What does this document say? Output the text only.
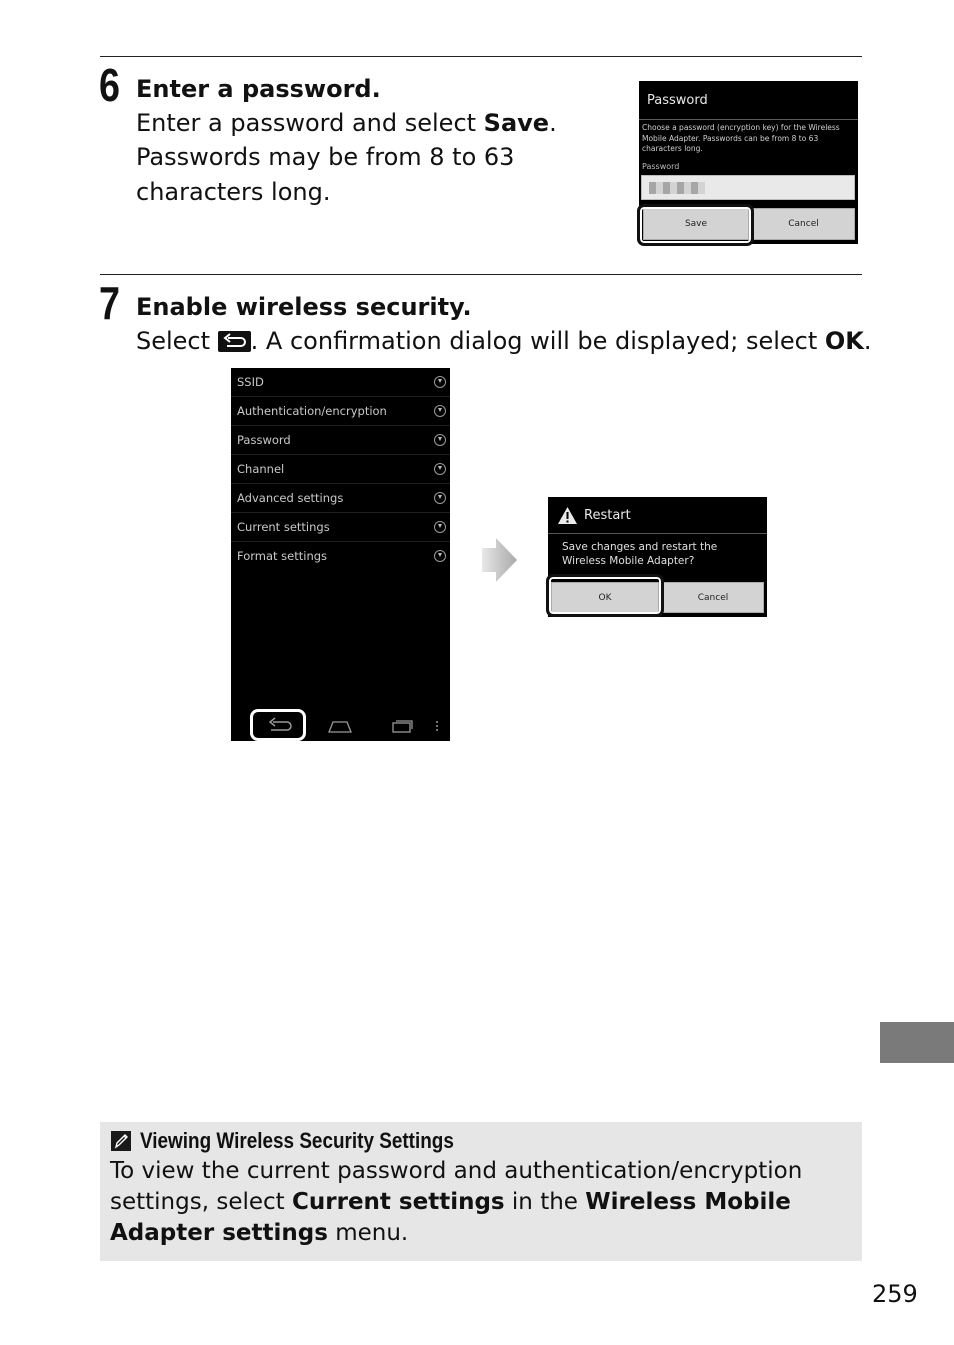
6 Enter a password.
Enter a password and select Save.
Passwords may be from 8 to 63
characters long.
Password
Choose a password (encryption key) for the Wireless Mobile Adapter. Passwords can be from 8 to 63 characters long.
Password
Save	Cancel
7 Enable wireless security.
Select
. A confirmation dialog will be displayed; select OK.
SSID
Authentication/encryption
Password
Channel
Advanced settings
Current settings
Format settings
Restart
Save changes and restart the Wireless Mobile Adapter?
OK	Cancel
Viewing Wireless Security Settings
To view the current password and authentication/encryption settings, select Current settings in the Wireless Mobile Adapter settings menu.
259
